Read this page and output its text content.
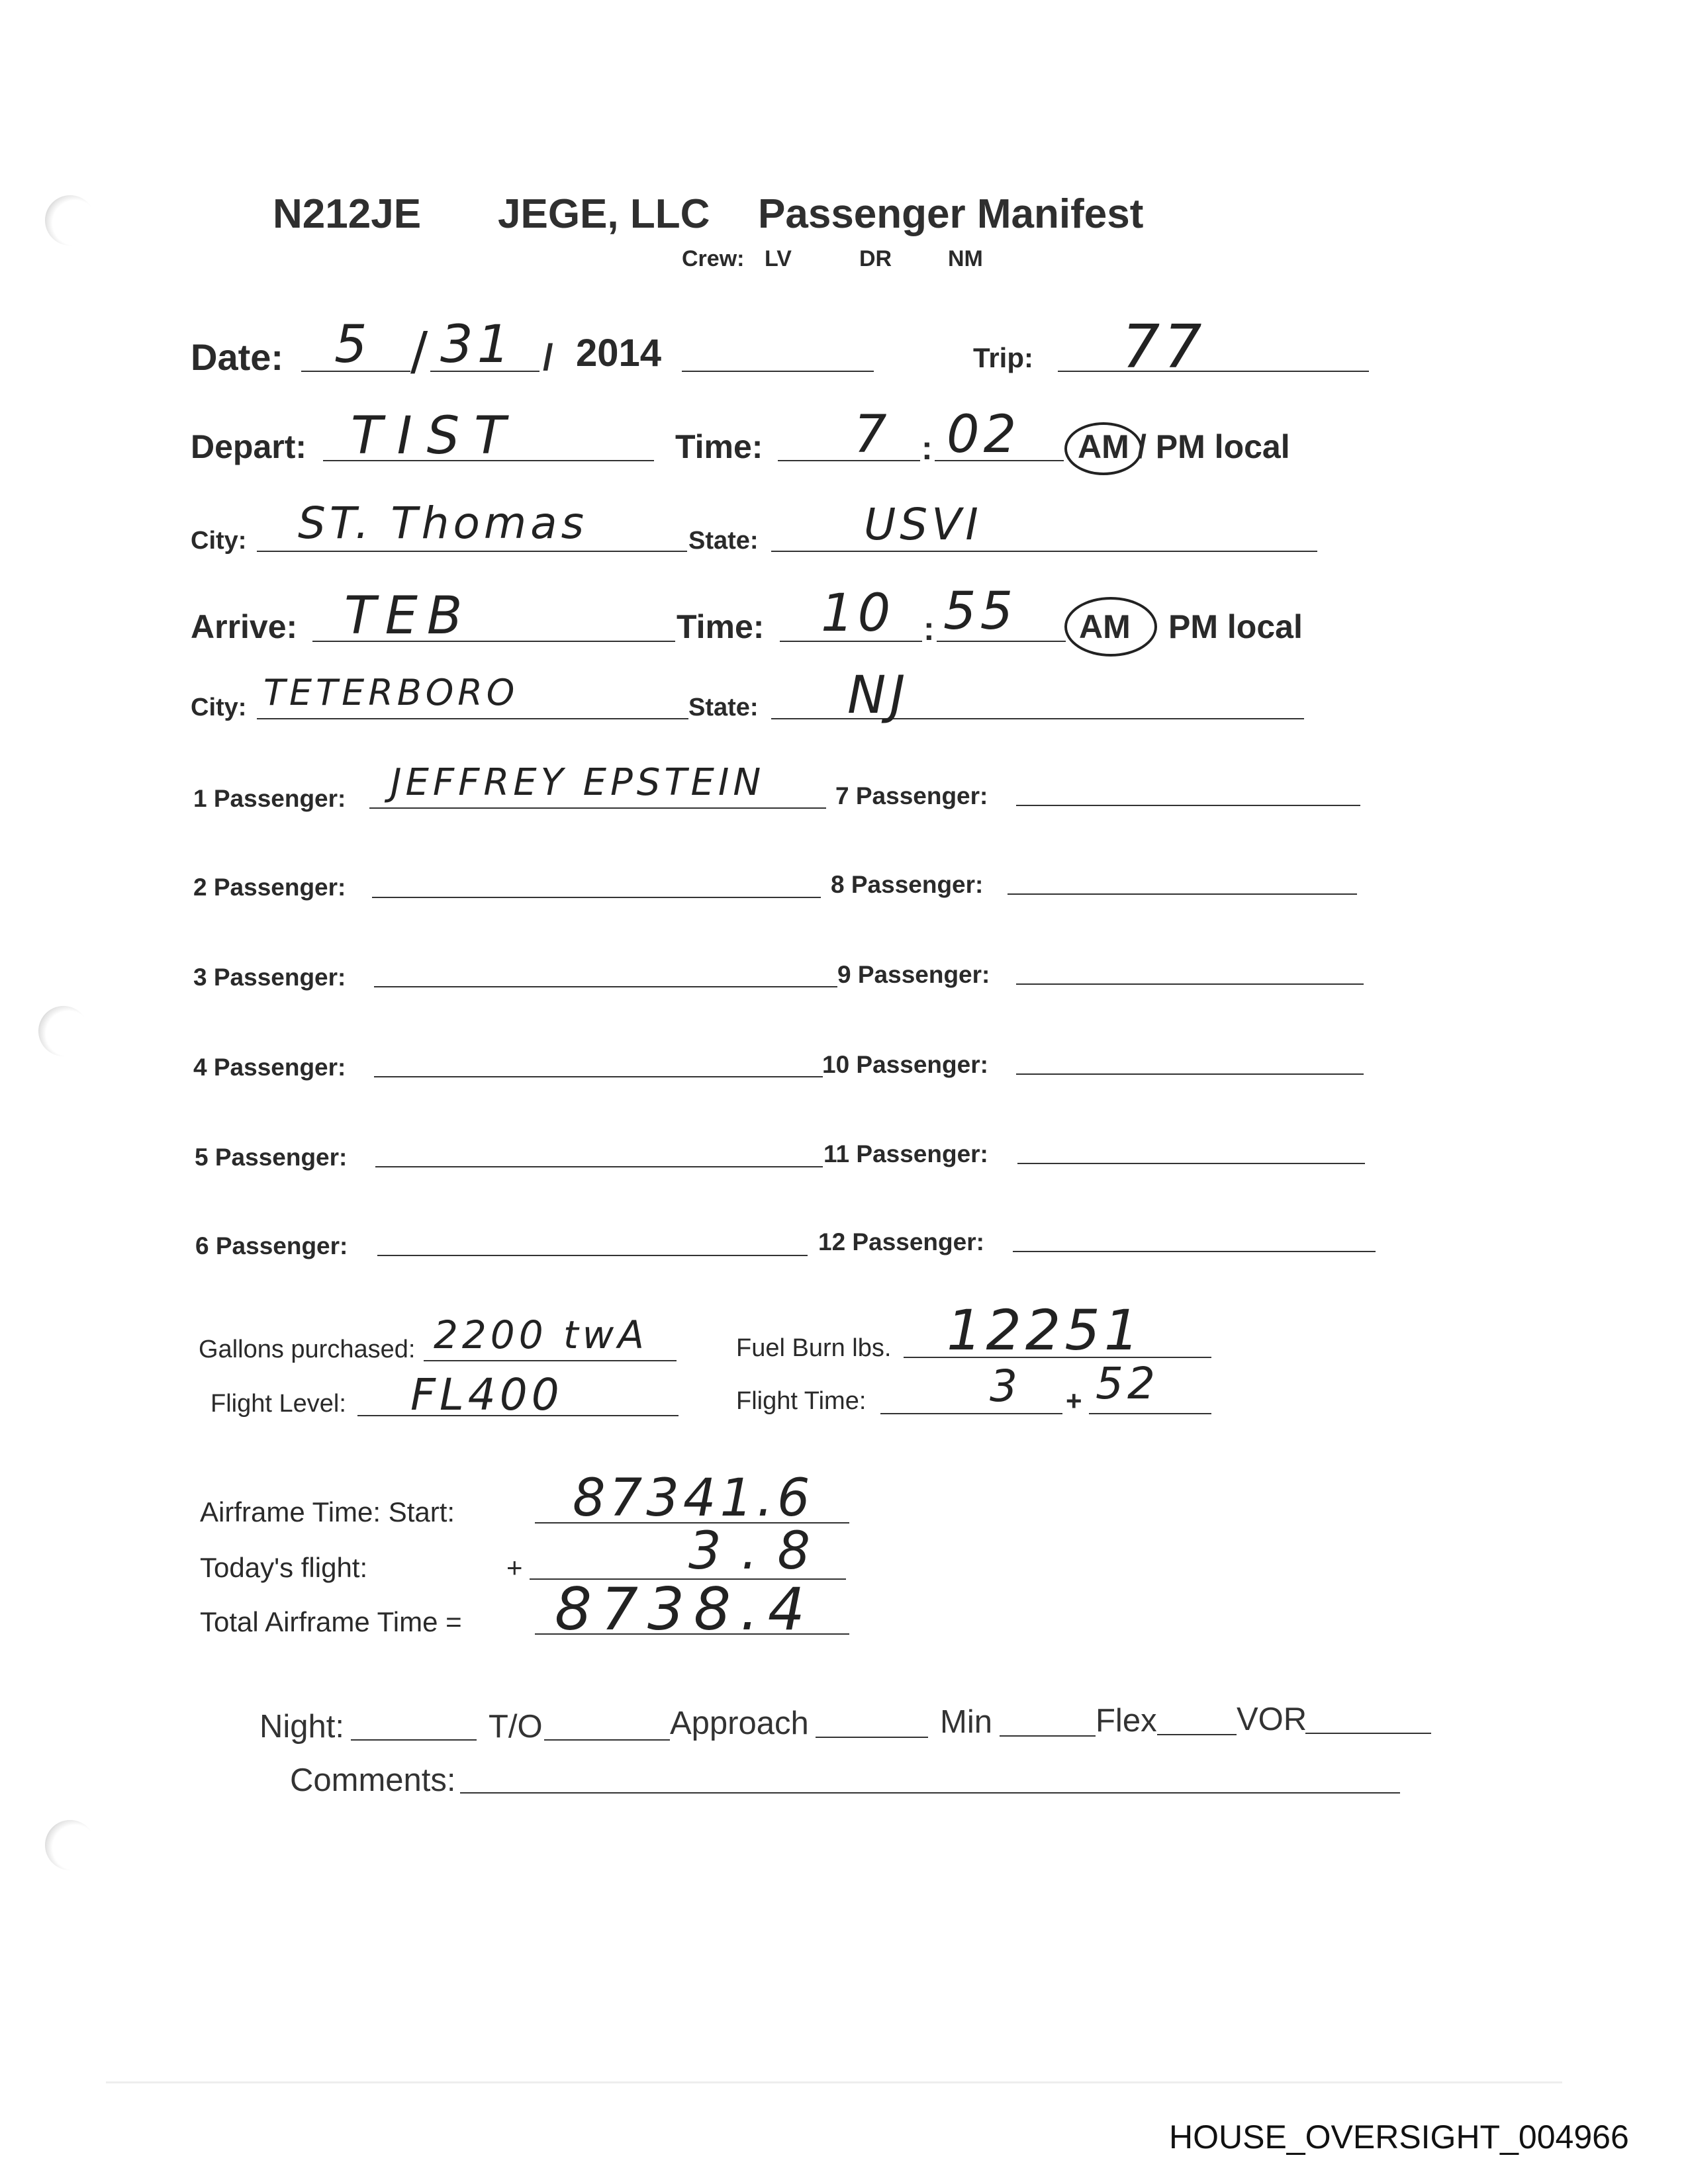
N212JE JEGE, LLC Passenger Manifest
Crew: LV	DR NM
Date: 5 / 31 / 2014	Trip: 77
Depart: TIST	Time: 7 : 02 AM / PM local
City: ST. Thomas	State: USVI
Arrive: TEB	Time: 10 : 55 AM PM local
City: TETERBORO	State: NJ
1 Passenger: JEFFREY EPSTEIN
2 Passenger:
3 Passenger:
4 Passenger:
5 Passenger:
6 Passenger:
7 Passenger:
8 Passenger:
9 Passenger:
10 Passenger:
11 Passenger:
12 Passenger:
Gallons purchased: 2200 twA	Fuel Burn lbs. 12251
Flight Level: FL400	Flight Time:	3 + 52
Airframe Time: Start: 87341.6
Today's flight:	+	3.8
Total Airframe Time = 8738.4
Night:	T/O	Approach	Min	Flex VOR
Comments:
HOUSE_OVERSIGHT_004966
